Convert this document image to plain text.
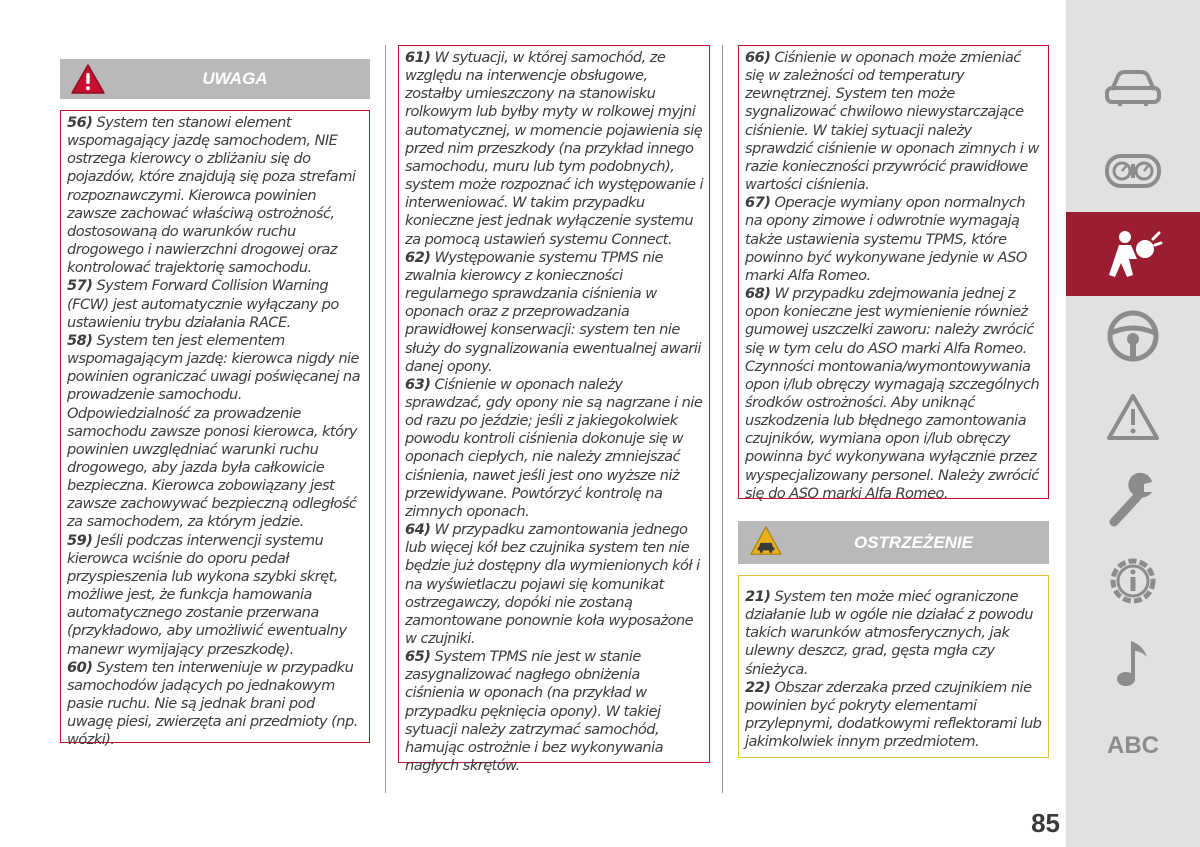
UWAGA

56) System ten stanowi element wspomagający jazdę samochodem, NIE ostrzega kierowcy o zbliżaniu się do pojazdów, które znajdują się poza strefami rozpoznawczymi. Kierowca powinien zawsze zachować właściwą ostrożność, dostosowaną do warunków ruchu drogowego i nawierzchni drogowej oraz kontrolować trajektorię samochodu.

57) System Forward Collision Warning (FCW) jest automatycznie wyłączany po ustawieniu trybu działania RACE.

58) System ten jest elementem wspomagającym jazdę: kierowca nigdy nie powinien ograniczać uwagi poświęcanej na prowadzenie samochodu. Odpowiedzialność za prowadzenie samochodu zawsze ponosi kierowca, który powinien uwzględniać warunki ruchu drogowego, aby jazda była całkowicie bezpieczna. Kierowca zobowiązany jest zawsze zachowywać bezpieczną odległość za samochodem, za którym jedzie.

59) Jeśli podczas interwencji systemu kierowca wciśnie do oporu pedał przyspieszenia lub wykona szybki skręt, możliwe jest, że funkcja hamowania automatycznego zostanie przerwana (przykładowo, aby umożliwić ewentualny manewr wymijający przeszkodę).

60) System ten interweniuje w przypadku samochodów jadących po jednakowym pasie ruchu. Nie są jednak brani pod uwagę piesi, zwierzęta ani przedmioty (np. wózki).

61) W sytuacji, w której samochód, ze względu na interwencje obsługowe, zostałby umieszczony na stanowisku rolkowym lub byłby myty w rolkowej myjni automatycznej, w momencie pojawienia się przed nim przeszkody (na przykład innego samochodu, muru lub tym podobnych), system może rozpoznać ich występowanie i interweniować. W takim przypadku konieczne jest jednak wyłączenie systemu za pomocą ustawień systemu Connect.

62) Występowanie systemu TPMS nie zwalnia kierowcy z konieczności regularnego sprawdzania ciśnienia w oponach oraz z przeprowadzania prawidłowej konserwacji: system ten nie służy do sygnalizowania ewentualnej awarii danej opony.

63) Ciśnienie w oponach należy sprawdzać, gdy opony nie są nagrzane i nie od razu po jeździe; jeśli z jakiegokolwiek powodu kontroli ciśnienia dokonuje się w oponach ciepłych, nie należy zmniejszać ciśnienia, nawet jeśli jest ono wyższe niż przewidywane. Powtórzyć kontrolę na zimnych oponach.

64) W przypadku zamontowania jednego lub więcej kół bez czujnika system ten nie będzie już dostępny dla wymienionych kół i na wyświetlaczu pojawi się komunikat ostrzegawczy, dopóki nie zostaną zamontowane ponownie koła wyposażone w czujniki.

65) System TPMS nie jest w stanie zasygnalizować nagłego obniżenia ciśnienia w oponach (na przykład w przypadku pęknięcia opony). W takiej sytuacji należy zatrzymać samochód, hamując ostrożnie i bez wykonywania nagłych skrętów.

66) Ciśnienie w oponach może zmieniać się w zależności od temperatury zewnętrznej. System ten może sygnalizować chwilowo niewystarczające ciśnienie. W takiej sytuacji należy sprawdzić ciśnienie w oponach zimnych i w razie konieczności przywrócić prawidłowe wartości ciśnienia.

67) Operacje wymiany opon normalnych na opony zimowe i odwrotnie wymagają także ustawienia systemu TPMS, które powinno być wykonywane jedynie w ASO marki Alfa Romeo.

68) W przypadku zdejmowania jednej z opon konieczne jest wymienienie również gumowej uszczelki zaworu: należy zwrócić się w tym celu do ASO marki Alfa Romeo. Czynności montowania/wymontowywania opon i/lub obręczy wymagają szczególnych środków ostrożności. Aby uniknąć uszkodzenia lub błędnego zamontowania czujników, wymiana opon i/lub obręczy powinna być wykonywana wyłącznie przez wyspecjalizowany personel. Należy zwrócić się do ASO marki Alfa Romeo.

OSTRZEŻENIE

21) System ten może mieć ograniczone działanie lub w ogóle nie działać z powodu takich warunków atmosferycznych, jak ulewny deszcz, grad, gęsta mgła czy śnieżyca.

22) Obszar zderzaka przed czujnikiem nie powinien być pokryty elementami przylepnymi, dodatkowymi reflektorami lub jakimkolwiek innym przedmiotem.	ABC
85
